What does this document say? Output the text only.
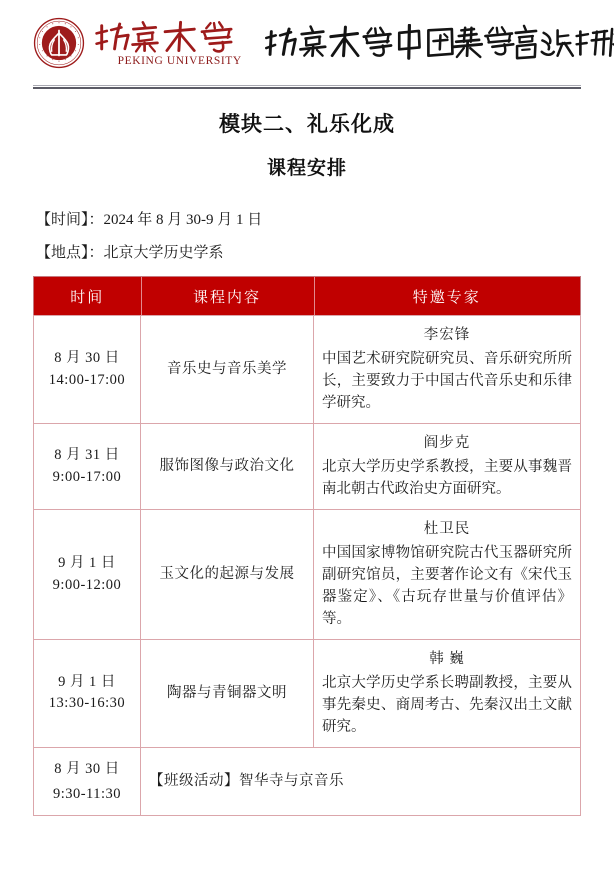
PEKING UNIVERSITY
模块二、礼乐化成
课程安排
【时间】：2024 年 8 月 30-9 月 1 日
【地点】：北京大学历史学系
时间	课程内容	特邀专家

8 月 30 日
14:00-17:00	音乐史与音乐美学	李宏锋
中国艺术研究院研究员、音乐研究所所长，主要致力于中国古代音乐史和乐律学研究。

8 月 31 日
9:00-17:00	服饰图像与政治文化	阎步克
北京大学历史学系教授，主要从事魏晋南北朝古代政治史方面研究。

9 月 1 日
9:00-12:00	玉文化的起源与发展	杜卫民
中国国家博物馆研究院古代玉器研究所副研究馆员，主要著作论文有《宋代玉器鉴定》、《古玩存世量与价值评估》等。

9 月 1 日
13:30-16:30	陶器与青铜器文明	韩 巍
北京大学历史学系长聘副教授，主要从事先秦史、商周考古、先秦汉出土文献研究。

8 月 30 日
9:30-11:30	【班级活动】智华寺与京音乐	
